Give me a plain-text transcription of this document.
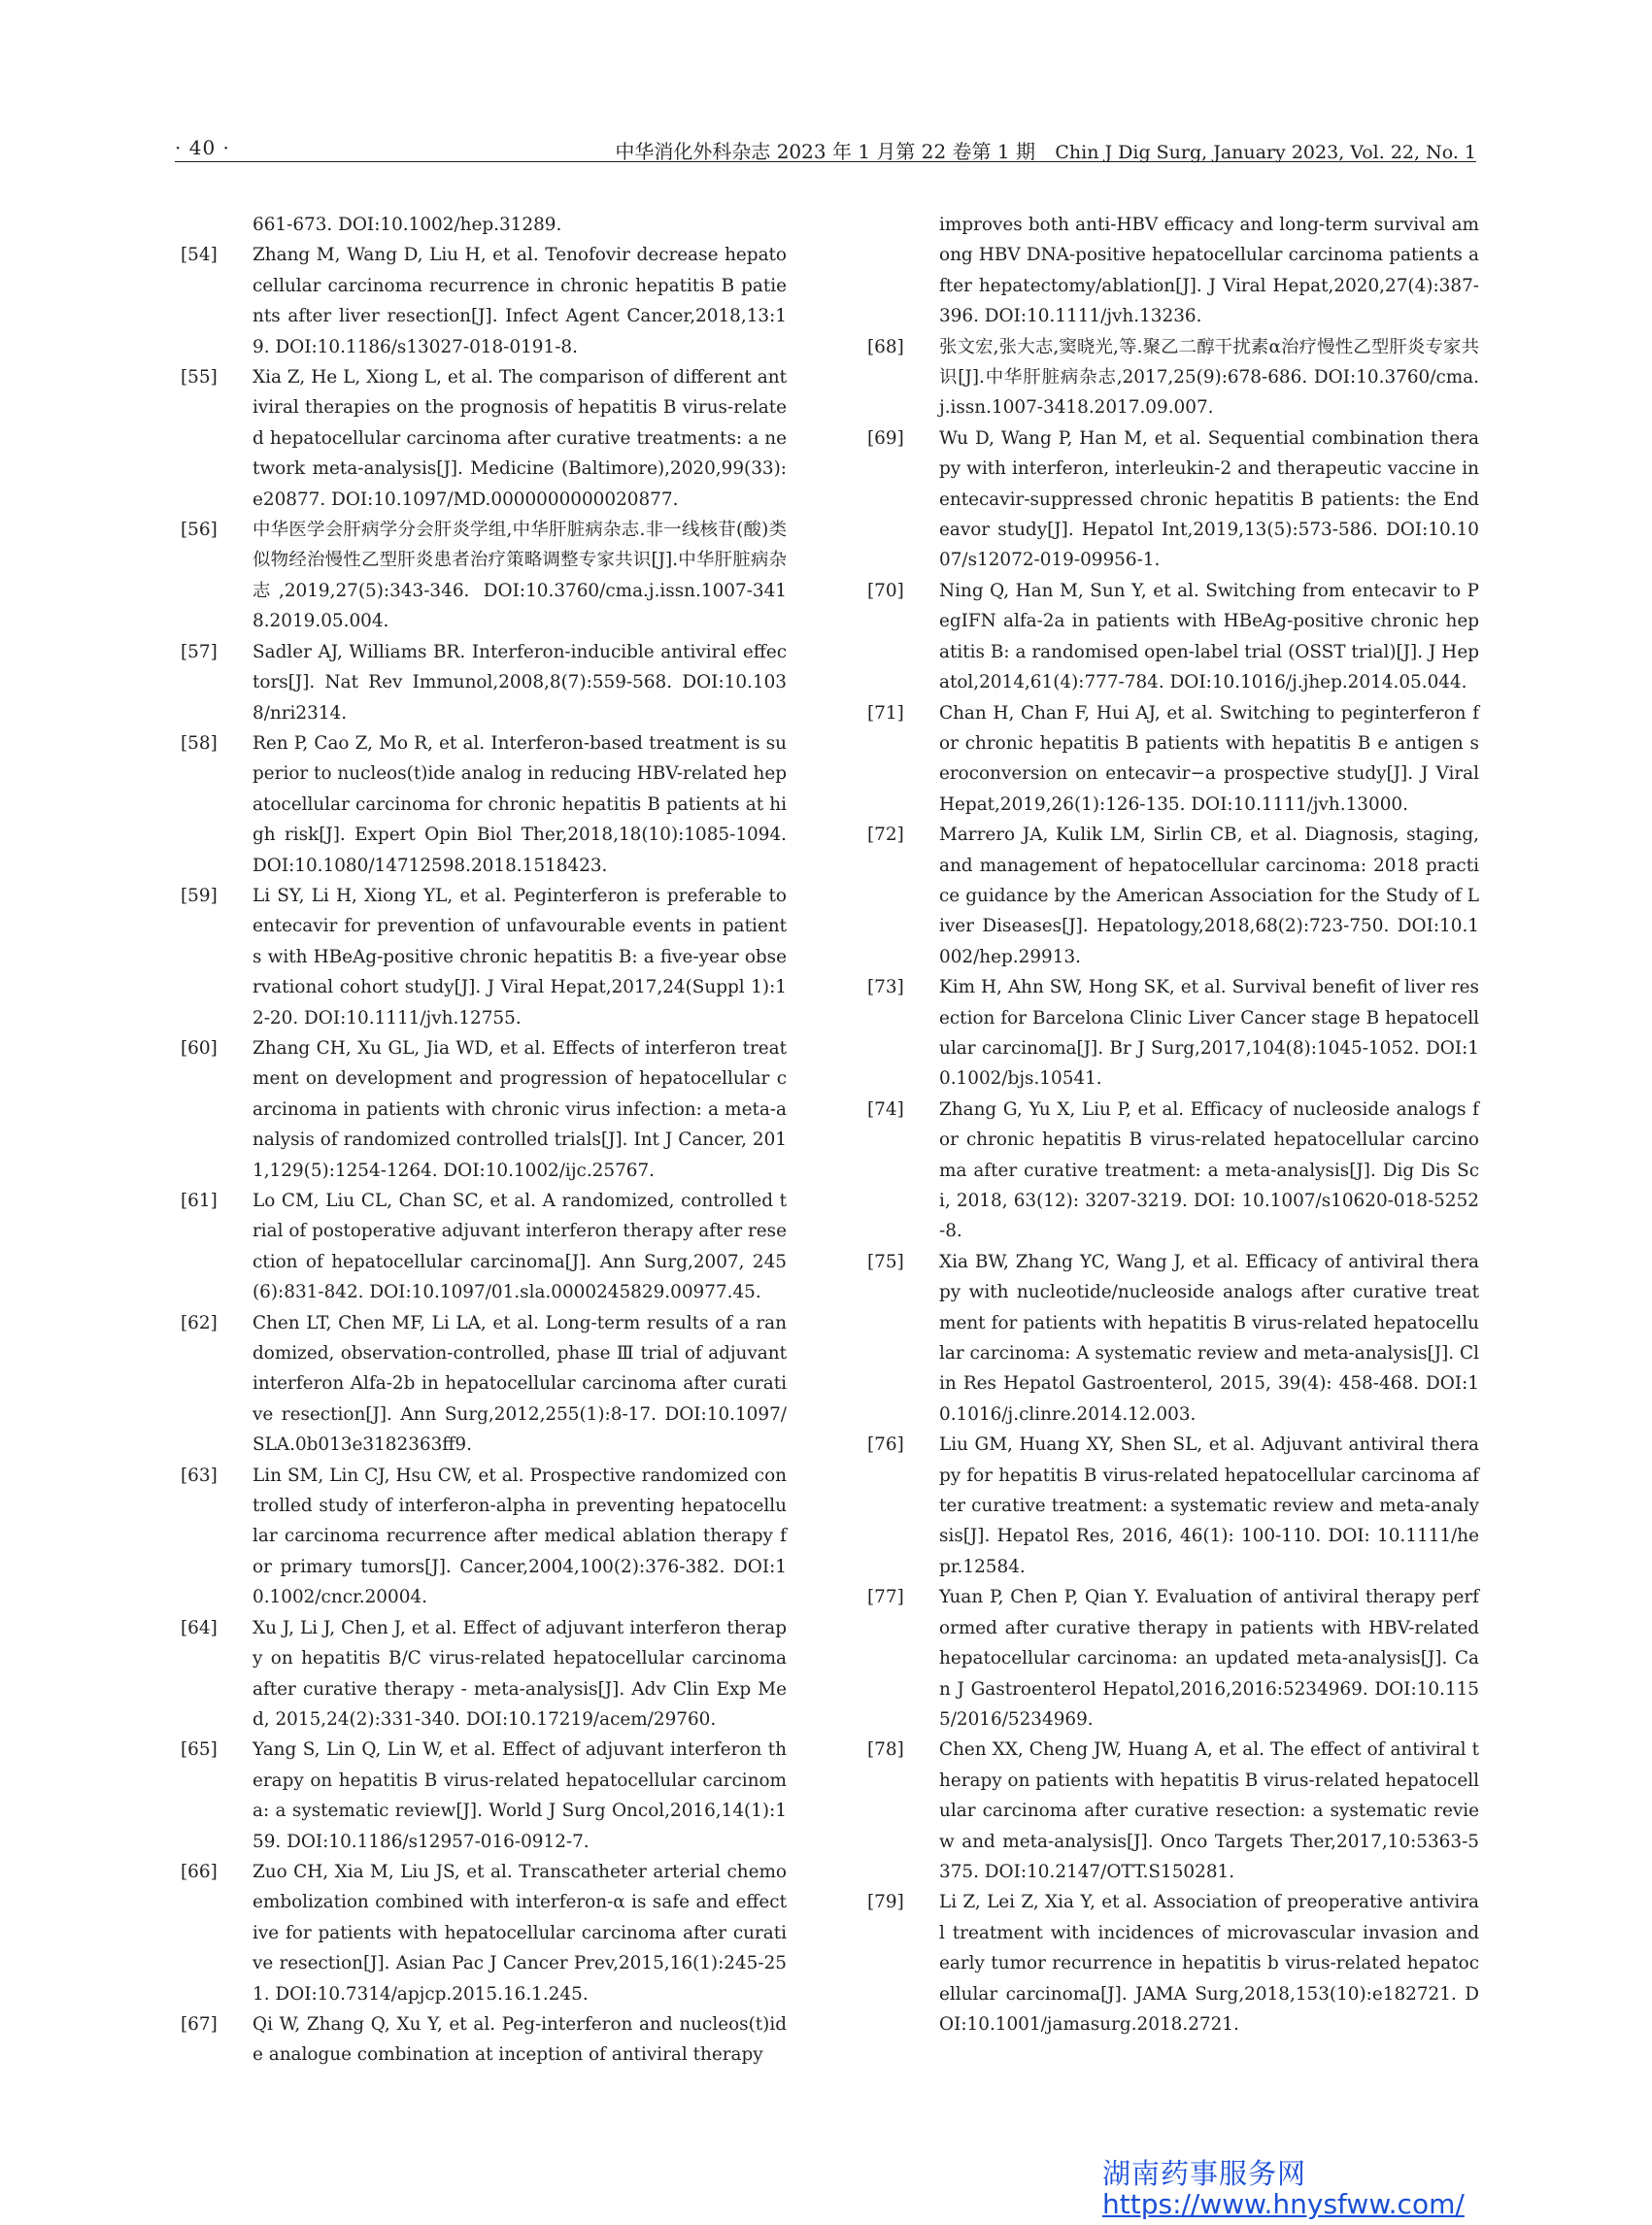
· 40 ·	中华消化外科杂志 2023 年 1 月第 22 卷第 1 期 Chin J Dig Surg, January 2023, Vol. 22, No. 1

661-673. DOI:10.1002/hep.31289.

[54] Zhang M, Wang D, Liu H, et al. Tenofovir decrease hepatocellular carcinoma recurrence in chronic hepatitis B patients after liver resection[J]. Infect Agent Cancer,2018,13:19. DOI:10.1186/s13027-018-0191-8.

[55] Xia Z, He L, Xiong L, et al. The comparison of different antiviral therapies on the prognosis of hepatitis B virus-related hepatocellular carcinoma after curative treatments: a network meta-analysis[J]. Medicine (Baltimore),2020,99(33):e20877. DOI:10.1097/MD.0000000000020877.

[56] 中华医学会肝病学分会肝炎学组,中华肝脏病杂志.非一线核苷(酸)类似物经治慢性乙型肝炎患者治疗策略调整专家共识[J].中华肝脏病杂志,2019,27(5):343-346. DOI:10.3760/cma.j.issn.1007-3418.2019.05.004.

[57] Sadler AJ, Williams BR. Interferon-inducible antiviral effectors[J]. Nat Rev Immunol,2008,8(7):559-568. DOI:10.1038/nri2314.

[58] Ren P, Cao Z, Mo R, et al. Interferon-based treatment is superior to nucleos(t)ide analog in reducing HBV-related hepatocellular carcinoma for chronic hepatitis B patients at high risk[J]. Expert Opin Biol Ther,2018,18(10):1085-1094. DOI:10.1080/14712598.2018.1518423.

[59] Li SY, Li H, Xiong YL, et al. Peginterferon is preferable to entecavir for prevention of unfavourable events in patients with HBeAg-positive chronic hepatitis B: a five-year observational cohort study[J]. J Viral Hepat,2017,24(Suppl 1):12-20. DOI:10.1111/jvh.12755.

[60] Zhang CH, Xu GL, Jia WD, et al. Effects of interferon treatment on development and progression of hepatocellular carcinoma in patients with chronic virus infection: a meta-analysis of randomized controlled trials[J]. Int J Cancer, 2011,129(5):1254-1264. DOI:10.1002/ijc.25767.

[61] Lo CM, Liu CL, Chan SC, et al. A randomized, controlled trial of postoperative adjuvant interferon therapy after resection of hepatocellular carcinoma[J]. Ann Surg,2007, 245(6):831-842. DOI:10.1097/01.sla.0000245829.00977.45.

[62] Chen LT, Chen MF, Li LA, et al. Long-term results of a randomized, observation-controlled, phase Ⅲ trial of adjuvant interferon Alfa-2b in hepatocellular carcinoma after curative resection[J]. Ann Surg,2012,255(1):8-17. DOI:10.1097/SLA.0b013e3182363ff9.

[63] Lin SM, Lin CJ, Hsu CW, et al. Prospective randomized controlled study of interferon-alpha in preventing hepatocellular carcinoma recurrence after medical ablation therapy for primary tumors[J]. Cancer,2004,100(2):376-382. DOI:10.1002/cncr.20004.

[64] Xu J, Li J, Chen J, et al. Effect of adjuvant interferon therapy on hepatitis B/C virus-related hepatocellular carcinoma after curative therapy - meta-analysis[J]. Adv Clin Exp Med, 2015,24(2):331-340. DOI:10.17219/acem/29760.

[65] Yang S, Lin Q, Lin W, et al. Effect of adjuvant interferon therapy on hepatitis B virus-related hepatocellular carcinoma: a systematic review[J]. World J Surg Oncol,2016,14(1):159. DOI:10.1186/s12957-016-0912-7.

[66] Zuo CH, Xia M, Liu JS, et al. Transcatheter arterial chemoembolization combined with interferon-α is safe and effective for patients with hepatocellular carcinoma after curative resection[J]. Asian Pac J Cancer Prev,2015,16(1):245-251. DOI:10.7314/apjcp.2015.16.1.245.

[67] Qi W, Zhang Q, Xu Y, et al. Peg-interferon and nucleos(t)ide analogue combination at inception of antiviral therapy

improves both anti-HBV efficacy and long-term survival among HBV DNA-positive hepatocellular carcinoma patients after hepatectomy/ablation[J]. J Viral Hepat,2020,27(4):387-396. DOI:10.1111/jvh.13236.

[68] 张文宏,张大志,窦晓光,等.聚乙二醇干扰素α治疗慢性乙型肝炎专家共识[J].中华肝脏病杂志,2017,25(9):678-686. DOI:10.3760/cma.j.issn.1007-3418.2017.09.007.

[69] Wu D, Wang P, Han M, et al. Sequential combination therapy with interferon, interleukin-2 and therapeutic vaccine in entecavir-suppressed chronic hepatitis B patients: the Endeavor study[J]. Hepatol Int,2019,13(5):573-586. DOI:10.1007/s12072-019-09956-1.

[70] Ning Q, Han M, Sun Y, et al. Switching from entecavir to PegIFN alfa-2a in patients with HBeAg-positive chronic hepatitis B: a randomised open-label trial (OSST trial)[J]. J Hepatol,2014,61(4):777-784. DOI:10.1016/j.jhep.2014.05.044.

[71] Chan H, Chan F, Hui AJ, et al. Switching to peginterferon for chronic hepatitis B patients with hepatitis B e antigen seroconversion on entecavir−a prospective study[J]. J Viral Hepat,2019,26(1):126-135. DOI:10.1111/jvh.13000.

[72] Marrero JA, Kulik LM, Sirlin CB, et al. Diagnosis, staging, and management of hepatocellular carcinoma: 2018 practice guidance by the American Association for the Study of Liver Diseases[J]. Hepatology,2018,68(2):723-750. DOI:10.1002/hep.29913.

[73] Kim H, Ahn SW, Hong SK, et al. Survival benefit of liver resection for Barcelona Clinic Liver Cancer stage B hepatocellular carcinoma[J]. Br J Surg,2017,104(8):1045-1052. DOI:10.1002/bjs.10541.

[74] Zhang G, Yu X, Liu P, et al. Efficacy of nucleoside analogs for chronic hepatitis B virus-related hepatocellular carcinoma after curative treatment: a meta-analysis[J]. Dig Dis Sci, 2018, 63(12): 3207-3219. DOI: 10.1007/s10620-018-5252-8.

[75] Xia BW, Zhang YC, Wang J, et al. Efficacy of antiviral therapy with nucleotide/nucleoside analogs after curative treatment for patients with hepatitis B virus-related hepatocellular carcinoma: A systematic review and meta-analysis[J]. Clin Res Hepatol Gastroenterol, 2015, 39(4): 458-468. DOI:10.1016/j.clinre.2014.12.003.

[76] Liu GM, Huang XY, Shen SL, et al. Adjuvant antiviral therapy for hepatitis B virus-related hepatocellular carcinoma after curative treatment: a systematic review and meta-analysis[J]. Hepatol Res, 2016, 46(1): 100-110. DOI: 10.1111/hepr.12584.

[77] Yuan P, Chen P, Qian Y. Evaluation of antiviral therapy performed after curative therapy in patients with HBV-related hepatocellular carcinoma: an updated meta-analysis[J]. Can J Gastroenterol Hepatol,2016,2016:5234969. DOI:10.1155/2016/5234969.

[78] Chen XX, Cheng JW, Huang A, et al. The effect of antiviral therapy on patients with hepatitis B virus-related hepatocellular carcinoma after curative resection: a systematic review and meta-analysis[J]. Onco Targets Ther,2017,10:5363-5375. DOI:10.2147/OTT.S150281.

[79] Li Z, Lei Z, Xia Y, et al. Association of preoperative antiviral treatment with incidences of microvascular invasion and early tumor recurrence in hepatitis b virus-related hepatocellular carcinoma[J]. JAMA Surg,2018,153(10):e182721. DOI:10.1001/jamasurg.2018.2721.

湖南药事服务网
https://www.hnysfww.com/
